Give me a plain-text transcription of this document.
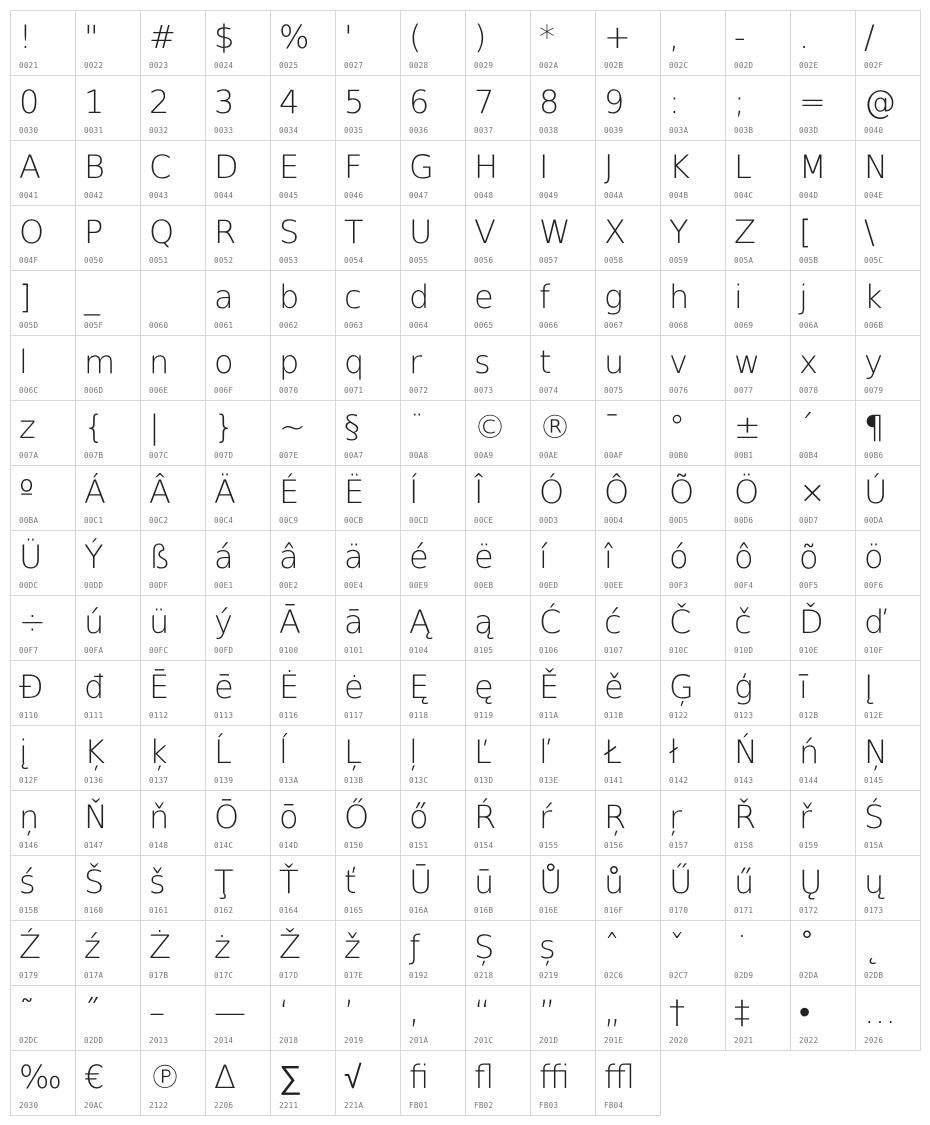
!
0021
"
0022
#
0023
$
0024
%
0025
'
0027
(
0028
)
0029
*
002A
+
002B
,
002C
-
002D
.
002E
/
002F
0
0030
1
0031
2
0032
3
0033
4
0034
5
0035
6
0036
7
0037
8
0038
9
0039
:
003A
;
003B
=
003D
@
0040
A
0041
B
0042
C
0043
D
0044
E
0045
F
0046
G
0047
H
0048
I
0049
J
004A
K
004B
L
004C
M
004D
N
004E
O
004F
P
0050
Q
0051
R
0052
S
0053
T
0054
U
0055
V
0056
W
0057
X
0058
Y
0059
Z
005A
[
005B
\
005C
]
005D
_
005F	0060
a
0061
b
0062
c
0063
d
0064
e
0065
f
0066
g
0067
h
0068
i
0069
j
006A
k
006B
l
006C
m
006D
n
006E
o
006F
p
0070
q
0071
r
0072
s
0073
t
0074
u
0075
v
0076
w
0077
x
0078
y
0079
z
007A
{
007B
|
007C
}
007D
~
007E
§
00A7
¨
00A8
©
00A9
®
00AE
¯
00AF
°
00B0
±
00B1
´
00B4
¶
00B6
º
00BA
Á
00C1
Â
00C2
Ä
00C4
É
00C9
Ë
00CB
Í
00CD
Î
00CE
Ó
00D3
Ô
00D4
Õ
00D5
Ö
00D6
×
00D7
Ú
00DA
Ü
00DC
Ý
00DD
ß
00DF
á
00E1
â
00E2
ä
00E4
é
00E9
ë
00EB
í
00ED
î
00EE
ó
00F3
ô
00F4
õ
00F5
ö
00F6
÷
00F7
ú
00FA
ü
00FC
ý
00FD
Ā
0100
ā
0101
Ą
0104
ą
0105
Ć
0106
ć
0107
Č
010C
č
010D
Ď
010E
ď
010F
Đ
0110
đ
0111
Ē
0112
ē
0113
Ė
0116
ė
0117
Ę
0118
ę
0119
Ě
011A
ě
011B
Ģ
0122
ģ
0123
ī
012B
Į
012E
į
012F
Ķ
0136
ķ
0137
Ĺ
0139
ĺ
013A
Ļ
013B
ļ
013C
Ľ
013D
ľ
013E
Ł
0141
ł
0142
Ń
0143
ń
0144
Ņ
0145
ņ
0146
Ň
0147
ň
0148
Ō
014C
ō
014D
Ő
0150
ő
0151
Ŕ
0154
ŕ
0155
Ŗ
0156
ŗ
0157
Ř
0158
ř
0159
Ś
015A
ś
015B
Š
0160
š
0161
Ţ
0162
Ť
0164
ť
0165
Ū
016A
ū
016B
Ů
016E
ů
016F
Ű
0170
ű
0171
Ų
0172
ų
0173
Ź
0179
ź
017A
Ż
017B
ż
017C
Ž
017D
ž
017E
ƒ
0192
Ș
0218
ș
0219
ˆ
02C6
ˇ
02C7
˙
02D9
˚
02DA
˛
02DB
˜
02DC
˝
02DD
–
2013
—
2014
‘
2018
’
2019
‚
201A
“
201C
”
201D
„
201E
†
2020
‡
2021
•
2022
…
2026
‰
2030
€
20AC
℗
2122
∆
2206
∑
2211
√
221A
ﬁ
FB01
ﬂ
FB02
ﬃ
FB03
ﬄ
FB04
